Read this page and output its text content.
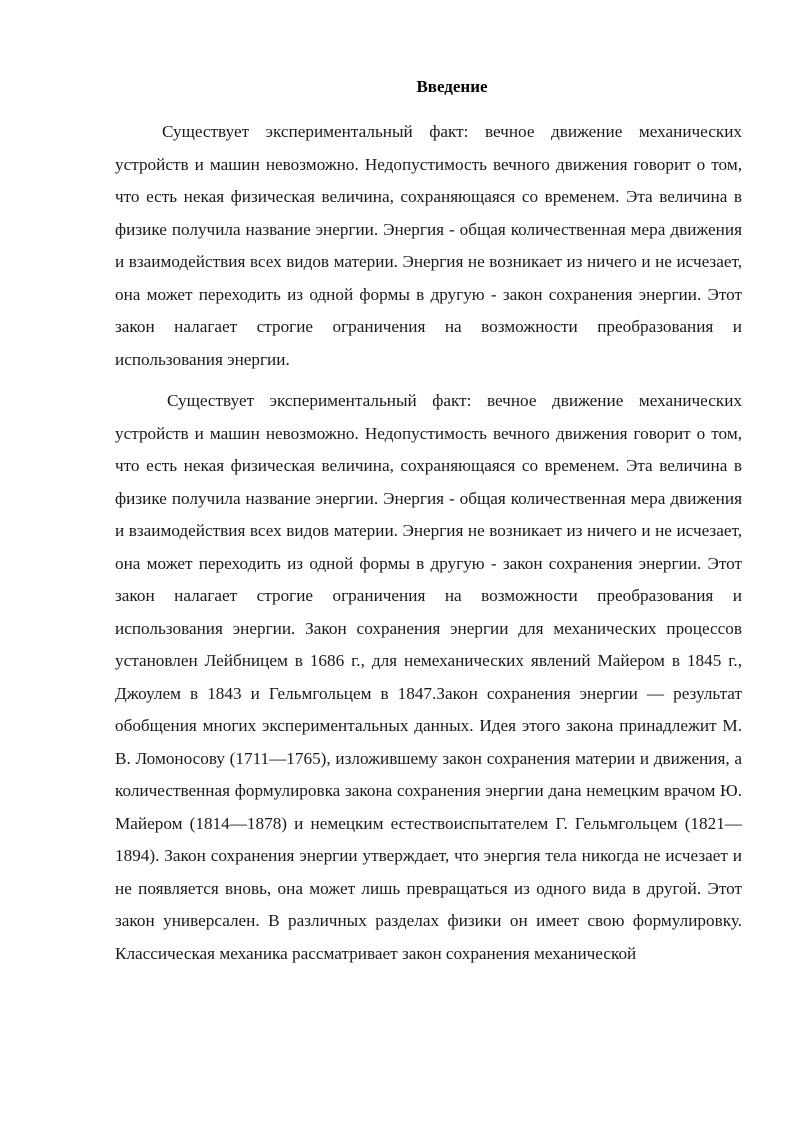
Введение

Существует экспериментальный факт: вечное движение механических устройств и машин невозможно. Недопустимость вечного движения говорит о том, что есть некая физическая величина, сохраняющаяся со временем. Эта величина в физике получила название энергии. Энергия - общая количественная мера движения и взаимодействия всех видов материи. Энергия не возникает из ничего и не исчезает, она может переходить из одной формы в другую - закон сохранения энергии. Этот закон налагает строгие ограничения на возможности преобразования и использования энергии.

Существует экспериментальный факт: вечное движение механических устройств и машин невозможно. Недопустимость вечного движения говорит о том, что есть некая физическая величина, сохраняющаяся со временем. Эта величина в физике получила название энергии. Энергия - общая количественная мера движения и взаимодействия всех видов материи. Энергия не возникает из ничего и не исчезает, она может переходить из одной формы в другую - закон сохранения энергии. Этот закон налагает строгие ограничения на возможности преобразования и использования энергии. Закон сохранения энергии для механических процессов установлен Лейбницем в 1686 г., для немеханических явлений Майером в 1845 г., Джоулем в 1843 и Гельмгольцем в 1847.Закон сохранения энергии — результат обобщения многих экспериментальных данных. Идея этого закона принадлежит М. В. Ломоносову (1711—1765), изложившему закон сохранения материи и движения, а количественная формулировка закона сохранения энергии дана немецким врачом Ю. Майером (1814—1878) и немецким естествоиспытателем Г. Гельмгольцем (1821—1894). Закон сохранения энергии утверждает, что энергия тела никогда не исчезает и не появляется вновь, она может лишь превращаться из одного вида в другой. Этот закон универсален. В различных разделах физики он имеет свою формулировку. Классическая механика рассматривает закон сохранения механической
